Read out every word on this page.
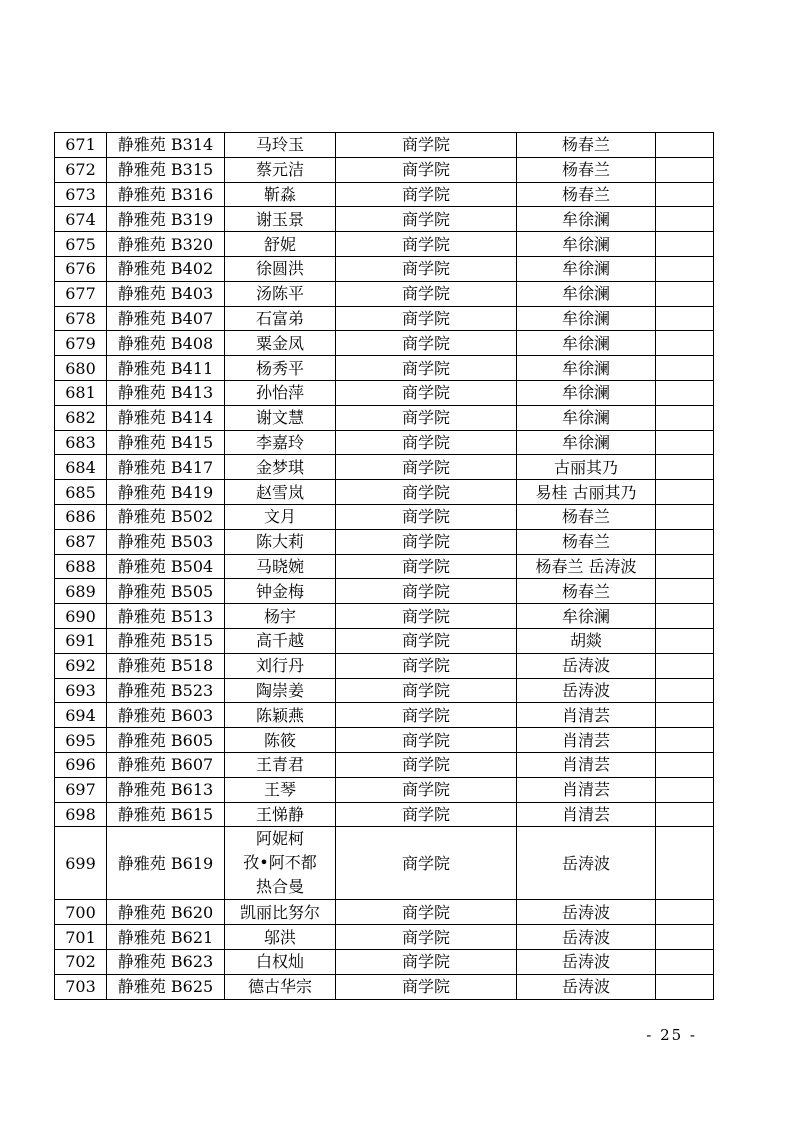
671	静雅苑 B314	马玲玉	商学院	杨春兰	
672	静雅苑 B315	蔡元洁	商学院	杨春兰	
673	静雅苑 B316	靳淼	商学院	杨春兰	
674	静雅苑 B319	谢玉景	商学院	牟徐澜	
675	静雅苑 B320	舒妮	商学院	牟徐澜	
676	静雅苑 B402	徐圆洪	商学院	牟徐澜	
677	静雅苑 B403	汤陈平	商学院	牟徐澜	
678	静雅苑 B407	石富弟	商学院	牟徐澜	
679	静雅苑 B408	粟金凤	商学院	牟徐澜	
680	静雅苑 B411	杨秀平	商学院	牟徐澜	
681	静雅苑 B413	孙怡萍	商学院	牟徐澜	
682	静雅苑 B414	谢文慧	商学院	牟徐澜	
683	静雅苑 B415	李嘉玲	商学院	牟徐澜	
684	静雅苑 B417	金梦琪	商学院	古丽其乃	
685	静雅苑 B419	赵雪岚	商学院	易桂 古丽其乃	
686	静雅苑 B502	文月	商学院	杨春兰	
687	静雅苑 B503	陈大莉	商学院	杨春兰	
688	静雅苑 B504	马晓婉	商学院	杨春兰 岳涛波	
689	静雅苑 B505	钟金梅	商学院	杨春兰	
690	静雅苑 B513	杨宇	商学院	牟徐澜	
691	静雅苑 B515	高千越	商学院	胡燚	
692	静雅苑 B518	刘行丹	商学院	岳涛波	
693	静雅苑 B523	陶崇姜	商学院	岳涛波	
694	静雅苑 B603	陈颖燕	商学院	肖清芸	
695	静雅苑 B605	陈筱	商学院	肖清芸	
696	静雅苑 B607	王青君	商学院	肖清芸	
697	静雅苑 B613	王琴	商学院	肖清芸	
698	静雅苑 B615	王悌静	商学院	肖清芸	
699	静雅苑 B619	阿妮柯
孜•阿不都
热合曼	商学院	岳涛波	
700	静雅苑 B620	凯丽比努尔	商学院	岳涛波	
701	静雅苑 B621	邬洪	商学院	岳涛波	
702	静雅苑 B623	白权灿	商学院	岳涛波	
703	静雅苑 B625	德古华宗	商学院	岳涛波	
- 25 -
